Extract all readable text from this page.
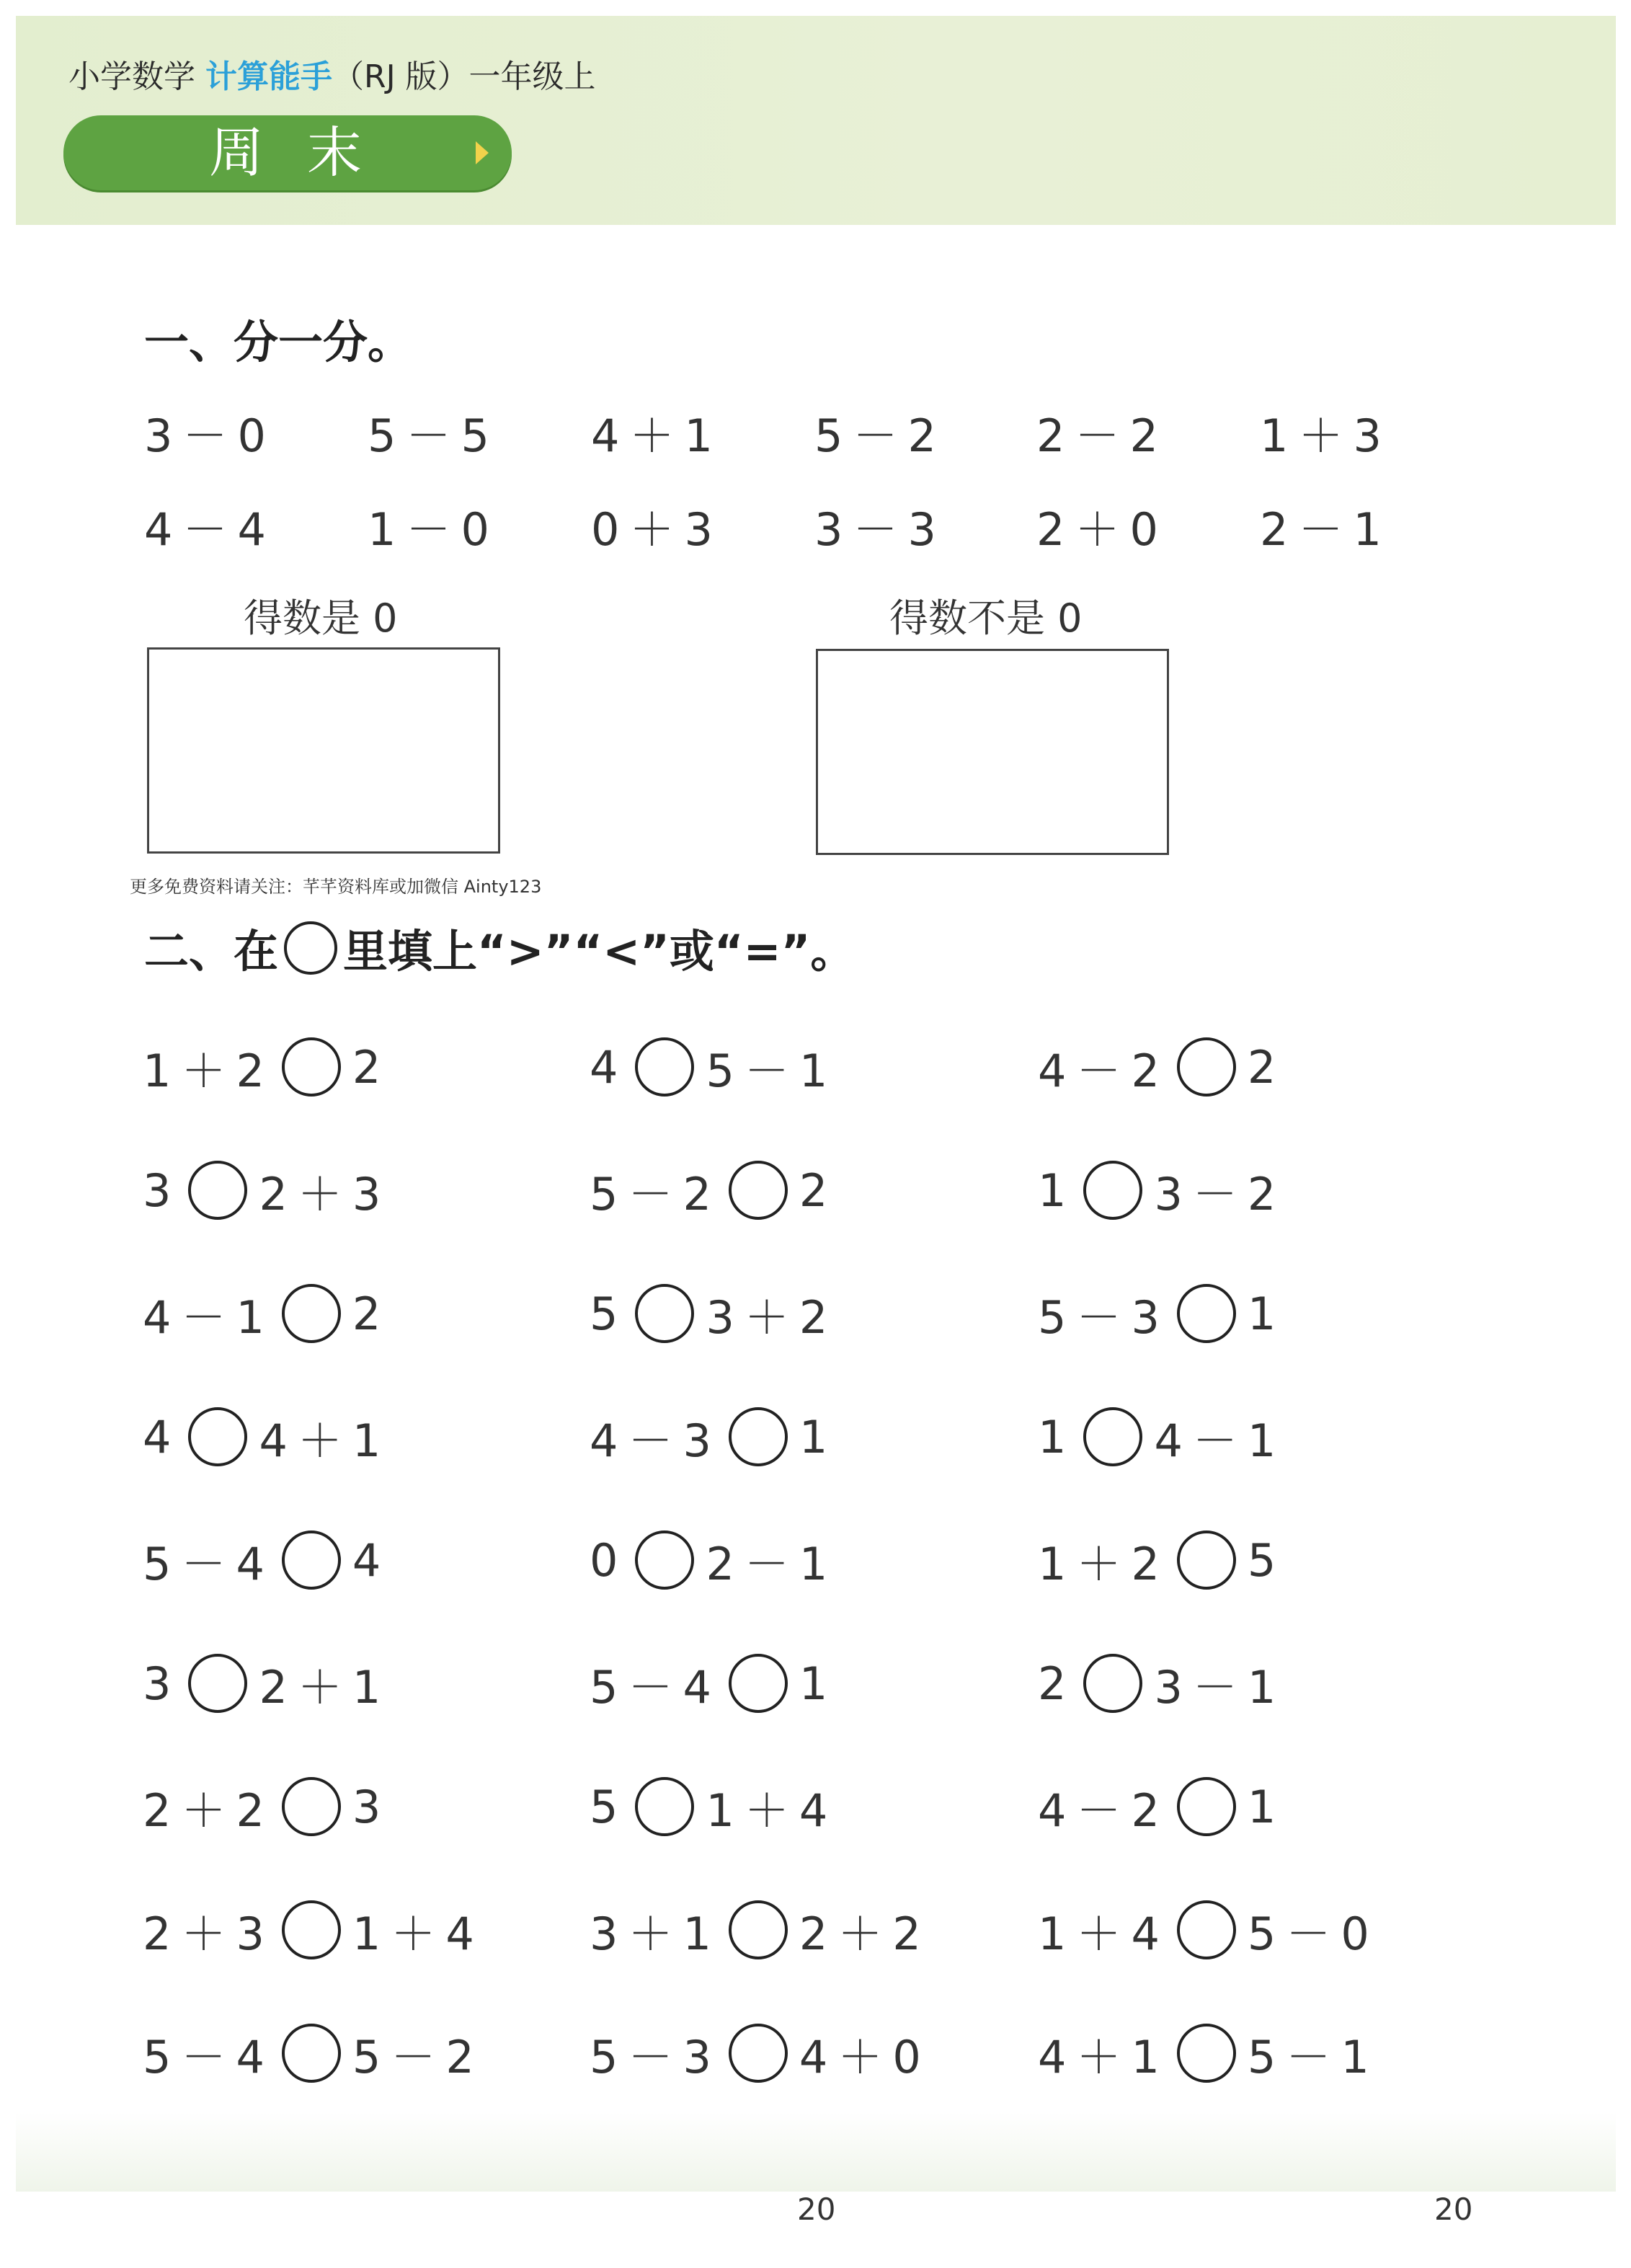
小学数学 计算能手（RJ 版）一年级上
周末
一、分一分。
3－0 5－5 4＋1 5－2 2－2 1＋3
4－4 1－0 0＋3 3－3 2＋0 2－1
得数是 0	得数不是 0
更多免费资料请关注：芊芊资料库或加微信 Ainty123
二、在 里填上“>”“<”或“=”。
1＋2 2
3 2＋3
4－1 2
4 4＋1
5－4 4
3 2＋1
2＋2 3
2＋3 1＋4
5－4 5－2
4 5－1
5－2 2
5 3＋2
4－3 1
0 2－1
5－4 1
5 1＋4
3＋1 2＋2
5－3 4＋0
4－2 2
1 3－2
5－3 1
1 4－1
1＋2 5
2 3－1
4－2 1
1＋4 5－0
4＋1 5－1
20	20
